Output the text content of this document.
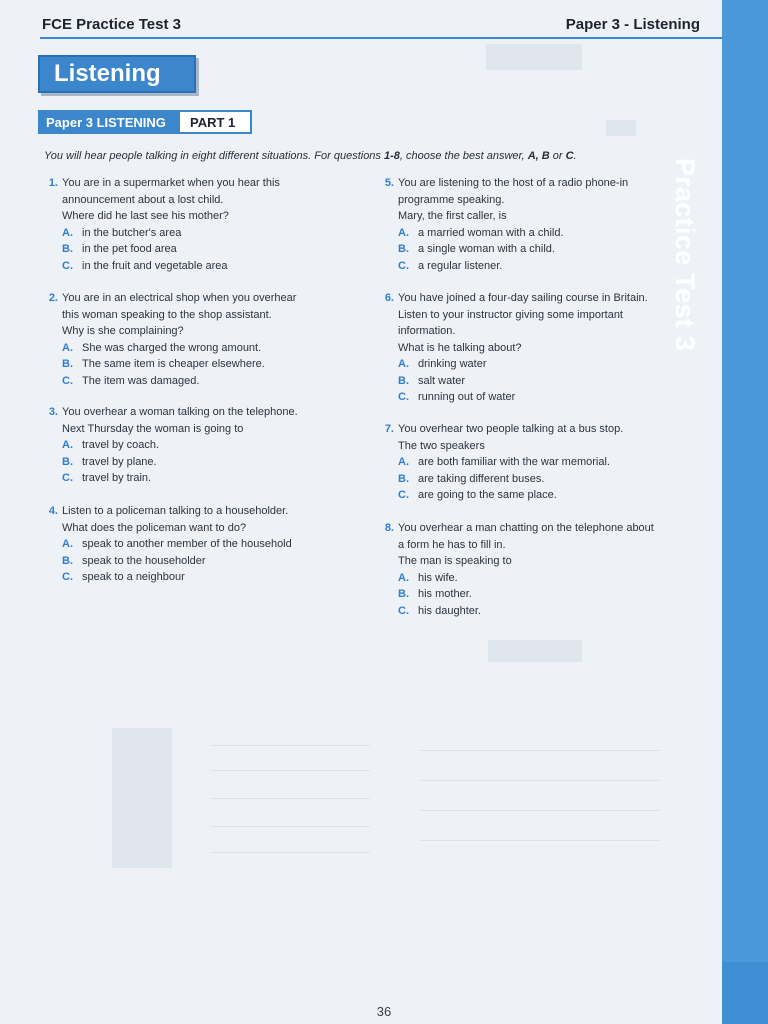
FCE Practice Test 3	Paper 3 - Listening
Practice Test 3
Listening
Paper 3 LISTENING	PART 1
You will hear people talking in eight different situations. For questions 1-8, choose the best answer, A, B or C.
1. You are in a supermarket when you hear this
announcement about a lost child.
Where did he last see his mother?
A. in the butcher's area
B. in the pet food area
C. in the fruit and vegetable area
2. You are in an electrical shop when you overhear
this woman speaking to the shop assistant.
Why is she complaining?
A. She was charged the wrong amount.
B. The same item is cheaper elsewhere.
C. The item was damaged.
3. You overhear a woman talking on the telephone.
Next Thursday the woman is going to
A. travel by coach.
B. travel by plane.
C. travel by train.
4. Listen to a policeman talking to a householder.
What does the policeman want to do?
A. speak to another member of the household
B. speak to the householder
C. speak to a neighbour
5. You are listening to the host of a radio phone-in
programme speaking.
Mary, the first caller, is
A. a married woman with a child.
B. a single woman with a child.
C. a regular listener.
6. You have joined a four-day sailing course in Britain.
Listen to your instructor giving some important
information.
What is he talking about?
A. drinking water
B. salt water
C. running out of water
7. You overhear two people talking at a bus stop.
The two speakers
A. are both familiar with the war memorial.
B. are taking different buses.
C. are going to the same place.
8. You overhear a man chatting on the telephone about
a form he has to fill in.
The man is speaking to
A. his wife.
B. his mother.
C. his daughter.
36
